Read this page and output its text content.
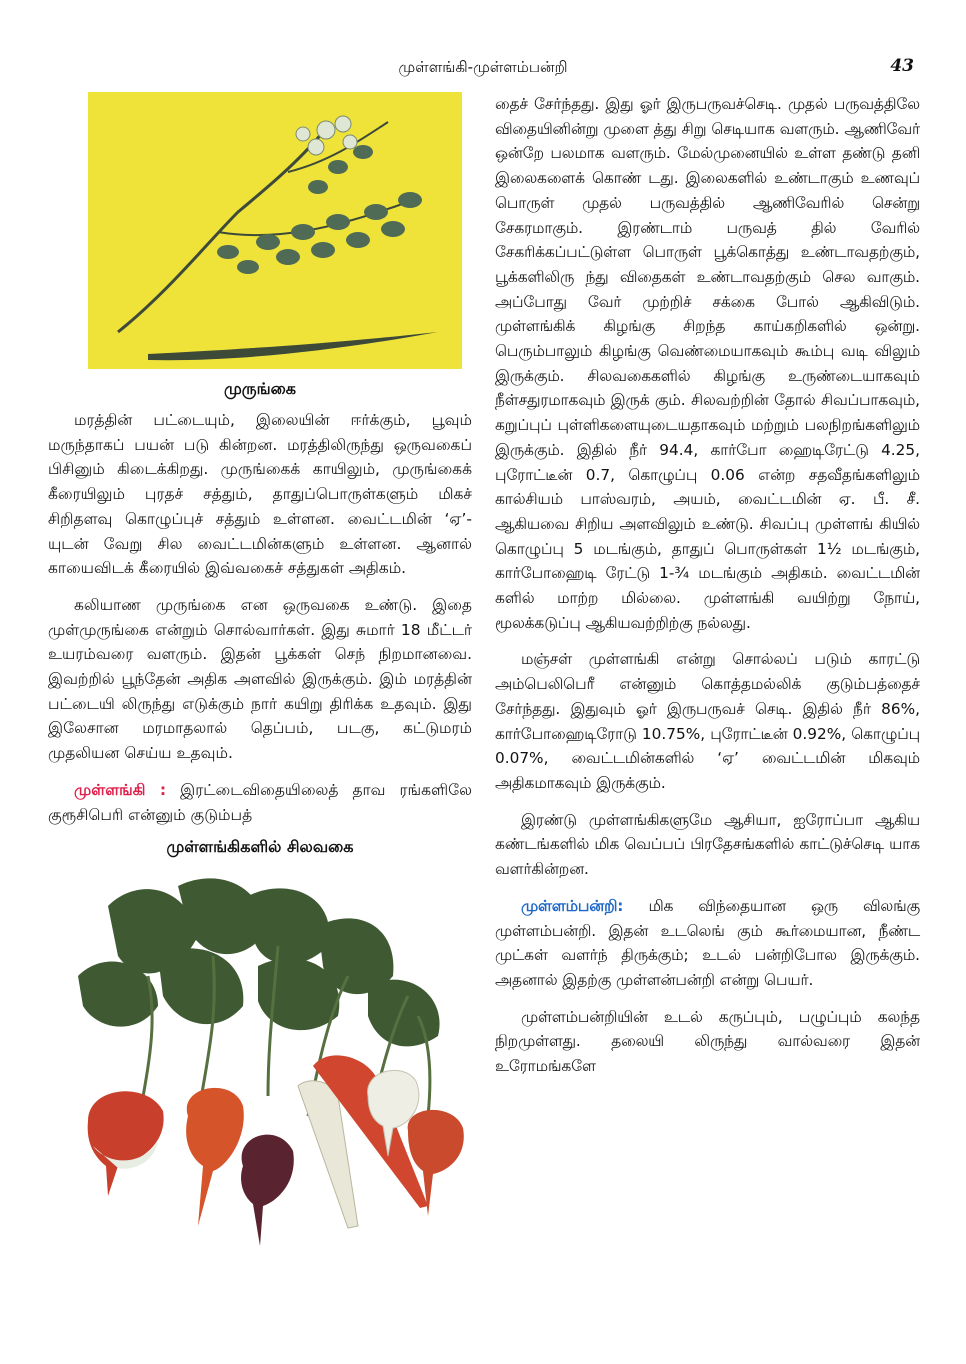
முள்ளங்கி-முள்ளம்பன்றி	43
முருங்கை

மரத்தின் பட்டையும், இலையின் ஈர்க்கும், பூவும் மருந்தாகப் பயன் படு கின்றன. மரத்திலிருந்து ஒருவகைப் பிசினும் கிடைக்கிறது. முருங்கைக் காயிலும், முருங்கைக் கீரையிலும் புரதச் சத்தும், தாதுப்பொருள்களும் மிகச் சிறிதளவு கொழுப்புச் சத்தும் உள்ளன. வைட்டமின் ‘ஏ’-யுடன் வேறு சில வைட்டமின்களும் உள்ளன. ஆனால் காயைவிடக் கீரையில் இவ்வகைச் சத்துகள் அதிகம்.

கலியாண முருங்கை என ஒருவகை உண்டு. இதை முள்முருங்கை என்றும் சொல்வார்கள். இது சுமார் 18 மீட்டர் உயரம்வரை வளரும். இதன் பூக்கள் செந் நிறமானவை. இவற்றில் பூந்தேன் அதிக அளவில் இருக்கும். இம் மரத்தின் பட்டையி லிருந்து எடுக்கும் நார் கயிறு திரிக்க உதவும். இது இலேசான மரமாதலால் தெப்பம், படகு, கட்டுமரம் முதலியன செய்ய உதவும்.

முள்ளங்கி : இரட்டைவிதையிலைத் தாவ ரங்களிலே குரூசிபெரி என்னும் குடும்பத்

முள்ளங்கிகளில் சிலவகை

தைச் சேர்ந்தது. இது ஓர் இருபருவச்செடி. முதல் பருவத்திலே விதையினின்று முளை த்து சிறு செடியாக வளரும். ஆணிவேர் ஒன்றே பலமாக வளரும். மேல்முனையில் உள்ள தண்டு தனி இலைகளைக் கொண் டது. இலைகளில் உண்டாகும் உணவுப் பொருள் முதல் பருவத்தில் ஆணிவேரில் சென்று சேகரமாகும். இரண்டாம் பருவத் தில் வேரில் சேகரிக்கப்பட்டுள்ள பொருள் பூக்கொத்து உண்டாவதற்கும், பூக்களிலிரு ந்து விதைகள் உண்டாவதற்கும் செல வாகும். அப்போது வேர் முற்றிச் சக்கை போல் ஆகிவிடும். முள்ளங்கிக் கிழங்கு சிறந்த காய்கறிகளில் ஒன்று. பெரும்பாலும் கிழங்கு வெண்மையாகவும் கூம்பு வடி விலும் இருக்கும். சிலவகைகளில் கிழங்கு உருண்டையாகவும் நீள்சதுரமாகவும் இருக் கும். சிலவற்றின் தோல் சிவப்பாகவும், கறுப்புப் புள்ளிகளையுடையதாகவும் மற்றும் பலநிறங்களிலும் இருக்கும். இதில் நீர் 94.4, கார்போ ஹைடிரேட்டு 4.25, புரோட்டீன் 0.7, கொழுப்பு 0.06 என்ற சதவீதங்களிலும் கால்சியம் பாஸ்வரம், அயம், வைட்டமின் ஏ. பீ. சீ. ஆகியவை சிறிய அளவிலும் உண்டு. சிவப்பு முள்ளங் கியில் கொழுப்பு 5 மடங்கும், தாதுப் பொருள்கள் 1½ மடங்கும், கார்போஹைடி ரேட்டு 1-¾ மடங்கும் அதிகம். வைட்டமின் களில் மாற்ற மில்லை. முள்ளங்கி வயிற்று நோய், மூலக்கடுப்பு ஆகியவற்றிற்கு நல்லது.

மஞ்சள் முள்ளங்கி என்று சொல்லப் படும் காரட்டு அம்பெலிபெரீ என்னும் கொத்தமல்லிக் குடும்பத்தைச் சேர்ந்தது. இதுவும் ஓர் இருபருவச் செடி. இதில் நீர் 86%, கார்போஹைடிரோடு 10.75%, புரோட்டீன் 0.92%, கொழுப்பு 0.07%, வைட்டமின்களில் ‘ஏ’ வைட்டமின் மிகவும் அதிகமாகவும் இருக்கும்.

இரண்டு முள்ளங்கிகளுமே ஆசியா, ஐரோப்பா ஆகிய கண்டங்களில் மிக வெப்பப் பிரதேசங்களில் காட்டுச்செடி யாக வளர்கின்றன.

முள்ளம்பன்றி: மிக விந்தையான ஒரு விலங்கு முள்ளம்பன்றி. இதன் உடலெங் கும் கூர்மையான, நீண்ட முட்கள் வளர்ந் திருக்கும்; உடல் பன்றிபோல இருக்கும். அதனால் இதற்கு முள்ளன்பன்றி என்று பெயர்.

முள்ளம்பன்றியின் உடல் கருப்பும், பழுப்பும் கலந்த நிறமுள்ளது. தலையி லிருந்து வால்வரை இதன் உரோமங்களே
